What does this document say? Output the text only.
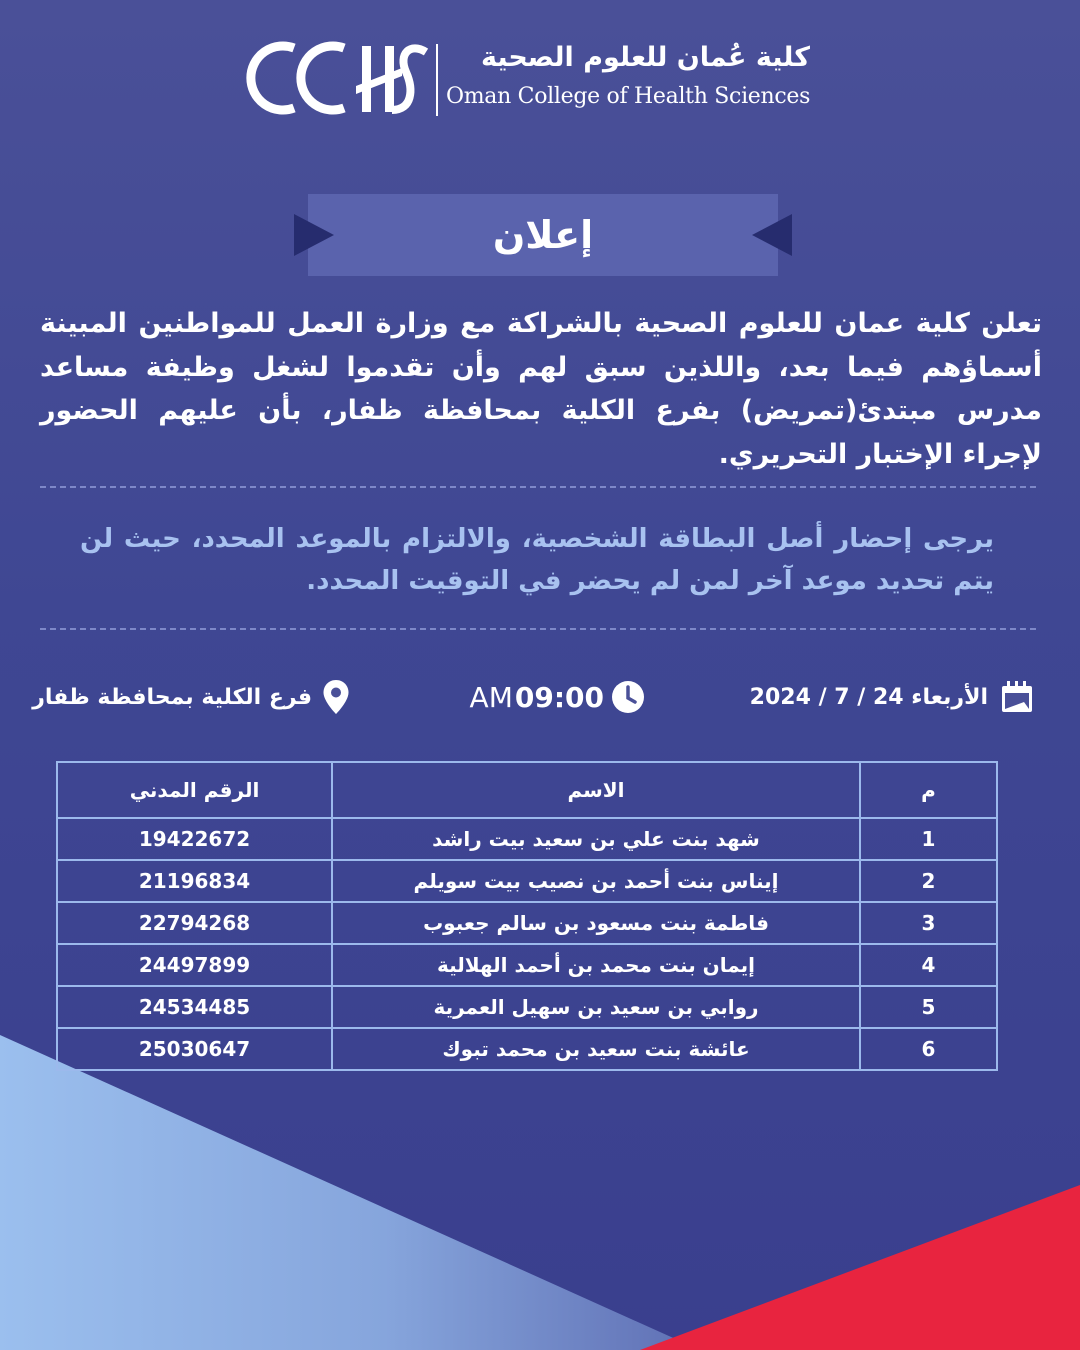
كلية عُمان للعلوم الصحية
Oman College of Health Sciences
إعلان
تعلن كلية عمان للعلوم الصحية بالشراكة مع وزارة العمل للمواطنين المبينة أسماؤهم فيما بعد، واللذين سبق لهم وأن تقدموا لشغل وظيفة مساعد مدرس مبتدئ(تمريض) بفرع الكلية بمحافظة ظفار، بأن عليهم الحضور لإجراء الإختبار التحريري.
يرجى إحضار أصل البطاقة الشخصية، والالتزام بالموعد المحدد، حيث لن يتم تحديد موعد آخر لمن لم يحضر في التوقيت المحدد.
الأربعاء 24 / 7 / 2024
09:00
AM
فرع الكلية بمحافظة ظفار
م	الاسم	الرقم المدني
1	شهد بنت علي بن سعيد بيت راشد	19422672
2	إيناس بنت أحمد بن نصيب بيت سويلم	21196834
3	فاطمة بنت مسعود بن سالم جعبوب	22794268
4	إيمان بنت محمد بن أحمد الهلالية	24497899
5	روابي بن سعيد بن سهيل العمرية	24534485
6	عائشة بنت سعيد بن محمد تبوك	25030647
